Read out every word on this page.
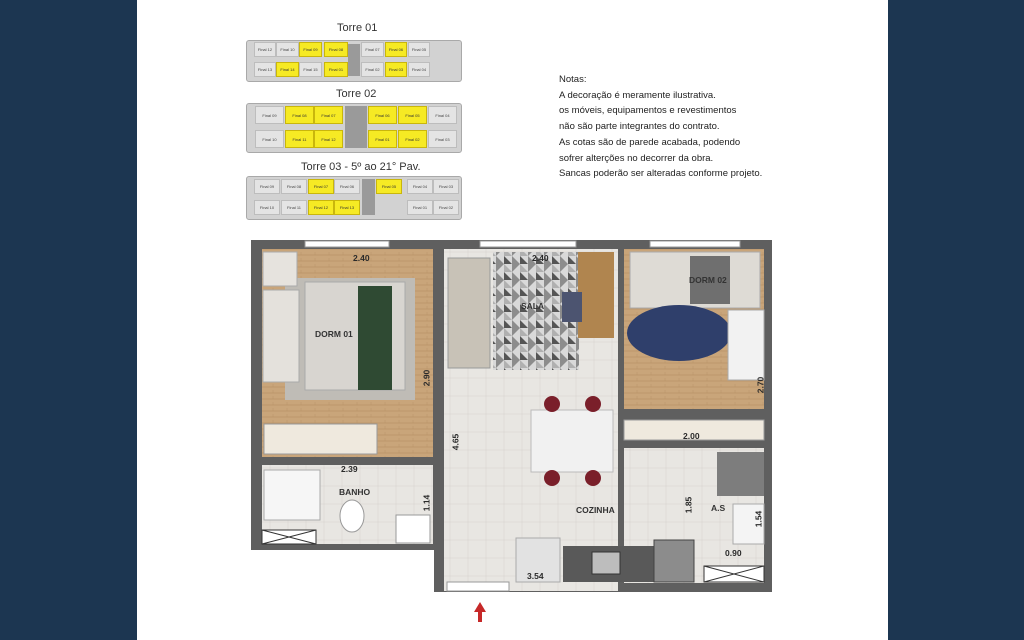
Torre 01
Torre 02
Torre 03 - 5º ao 21° Pav.
Notas:
A decoração é meramente ilustrativa.
os móveis, equipamentos e revestimentos
não são parte integrantes do contrato.
As cotas são de parede acabada, podendo
sofrer alterções no decorrer da obra.
Sancas poderão ser alteradas conforme projeto.
DORM 01
SALA
DORM 02
BANHO
COZINHA	A.S
2.40	2.40
2.90
4.65
2.70
2.00
2.39
1.14	1.85
1.54
0.90
3.54
Final 12	Final 10	Final 09	Final 08	Final 07	Final 06	Final 05
Final 13	Final 14	Final 15	Final 01	Final 02	Final 03	Final 04
Final 09	Final 08	Final 07	Final 06	Final 05	Final 04
Final 10	Final 11	Final 12	Final 01	Final 02	Final 03
Final 09	Final 08	Final 07	Final 06	Final 05	Final 04	Final 03
Final 10	Final 11	Final 12	Final 13	Final 01	Final 02
